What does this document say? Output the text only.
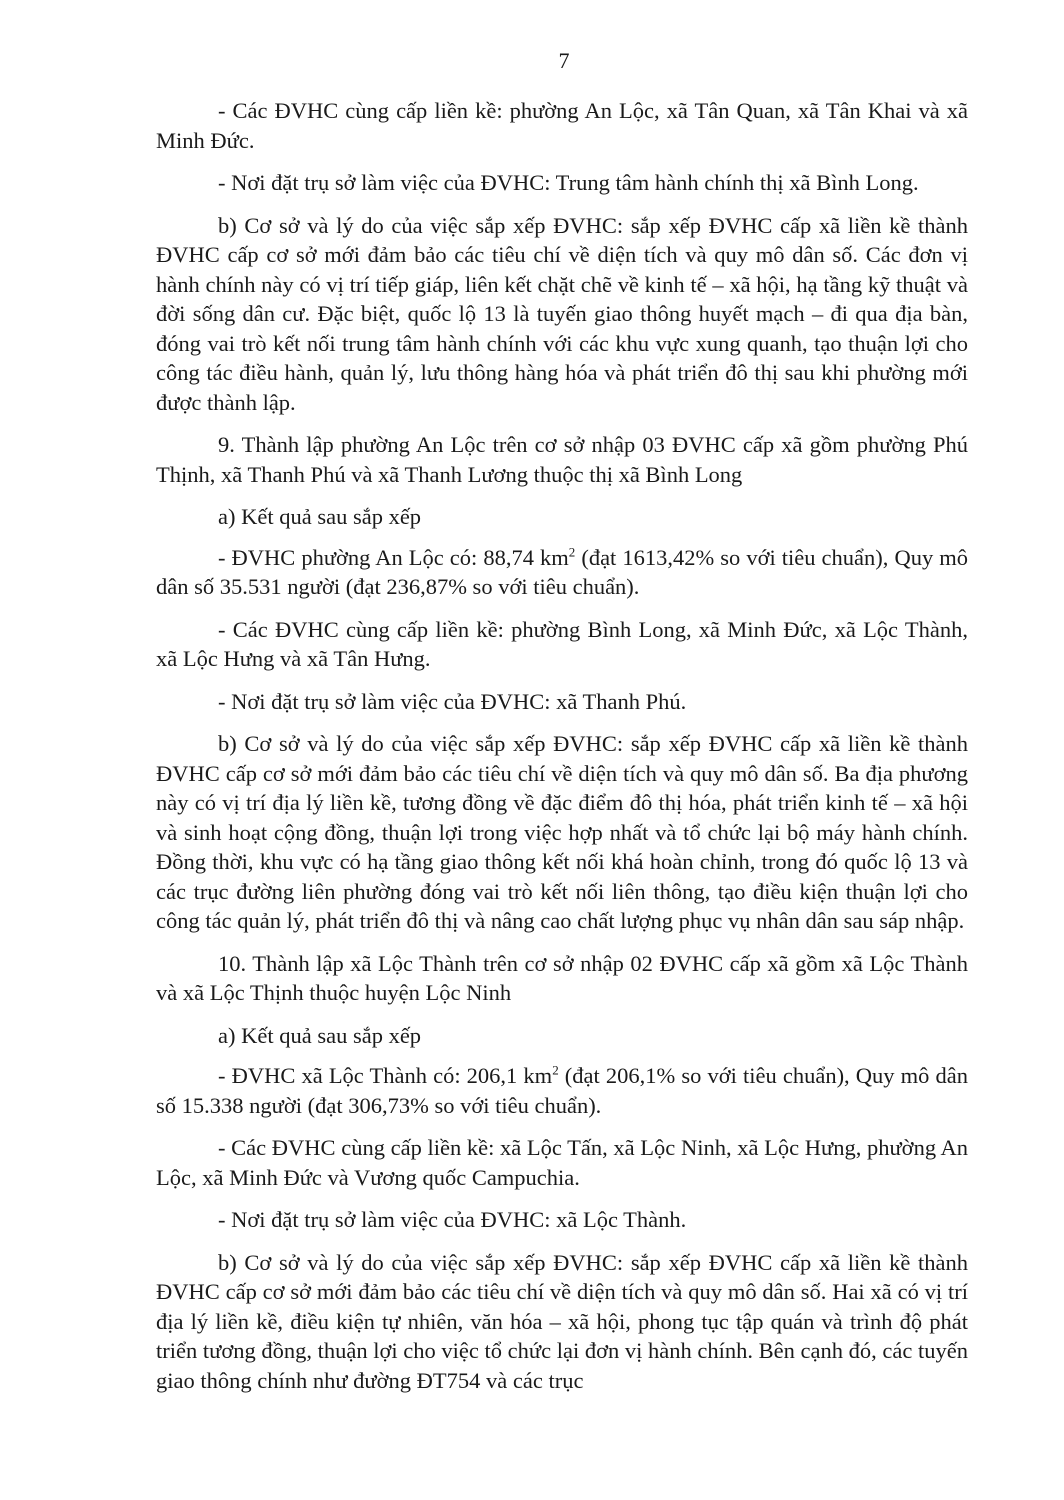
7

- Các ĐVHC cùng cấp liền kề: phường An Lộc, xã Tân Quan, xã Tân Khai và xã Minh Đức.

- Nơi đặt trụ sở làm việc của ĐVHC: Trung tâm hành chính thị xã Bình Long.

b) Cơ sở và lý do của việc sắp xếp ĐVHC: sắp xếp ĐVHC cấp xã liền kề thành ĐVHC cấp cơ sở mới đảm bảo các tiêu chí về diện tích và quy mô dân số. Các đơn vị hành chính này có vị trí tiếp giáp, liên kết chặt chẽ về kinh tế – xã hội, hạ tầng kỹ thuật và đời sống dân cư. Đặc biệt, quốc lộ 13 là tuyến giao thông huyết mạch – đi qua địa bàn, đóng vai trò kết nối trung tâm hành chính với các khu vực xung quanh, tạo thuận lợi cho công tác điều hành, quản lý, lưu thông hàng hóa và phát triển đô thị sau khi phường mới được thành lập.

9. Thành lập phường An Lộc trên cơ sở nhập 03 ĐVHC cấp xã gồm phường Phú Thịnh, xã Thanh Phú và xã Thanh Lương thuộc thị xã Bình Long

a) Kết quả sau sắp xếp

- ĐVHC phường An Lộc có: 88,74 $km^2$ (đạt 1613,42% so với tiêu chuẩn), Quy mô dân số 35.531 người (đạt 236,87% so với tiêu chuẩn).

- Các ĐVHC cùng cấp liền kề: phường Bình Long, xã Minh Đức, xã Lộc Thành, xã Lộc Hưng và xã Tân Hưng.

- Nơi đặt trụ sở làm việc của ĐVHC: xã Thanh Phú.

b) Cơ sở và lý do của việc sắp xếp ĐVHC: sắp xếp ĐVHC cấp xã liền kề thành ĐVHC cấp cơ sở mới đảm bảo các tiêu chí về diện tích và quy mô dân số. Ba địa phương này có vị trí địa lý liền kề, tương đồng về đặc điểm đô thị hóa, phát triển kinh tế – xã hội và sinh hoạt cộng đồng, thuận lợi trong việc hợp nhất và tổ chức lại bộ máy hành chính. Đồng thời, khu vực có hạ tầng giao thông kết nối khá hoàn chỉnh, trong đó quốc lộ 13 và các trục đường liên phường đóng vai trò kết nối liên thông, tạo điều kiện thuận lợi cho công tác quản lý, phát triển đô thị và nâng cao chất lượng phục vụ nhân dân sau sáp nhập.

10. Thành lập xã Lộc Thành trên cơ sở nhập 02 ĐVHC cấp xã gồm xã Lộc Thành và xã Lộc Thịnh thuộc huyện Lộc Ninh

a) Kết quả sau sắp xếp

- ĐVHC xã Lộc Thành có: 206,1 $km^2$ (đạt 206,1% so với tiêu chuẩn), Quy mô dân số 15.338 người (đạt 306,73% so với tiêu chuẩn).

- Các ĐVHC cùng cấp liền kề: xã Lộc Tấn, xã Lộc Ninh, xã Lộc Hưng, phường An Lộc, xã Minh Đức và Vương quốc Campuchia.

- Nơi đặt trụ sở làm việc của ĐVHC: xã Lộc Thành.

b) Cơ sở và lý do của việc sắp xếp ĐVHC: sắp xếp ĐVHC cấp xã liền kề thành ĐVHC cấp cơ sở mới đảm bảo các tiêu chí về diện tích và quy mô dân số. Hai xã có vị trí địa lý liền kề, điều kiện tự nhiên, văn hóa – xã hội, phong tục tập quán và trình độ phát triển tương đồng, thuận lợi cho việc tổ chức lại đơn vị hành chính. Bên cạnh đó, các tuyến giao thông chính như đường ĐT754 và các trục
